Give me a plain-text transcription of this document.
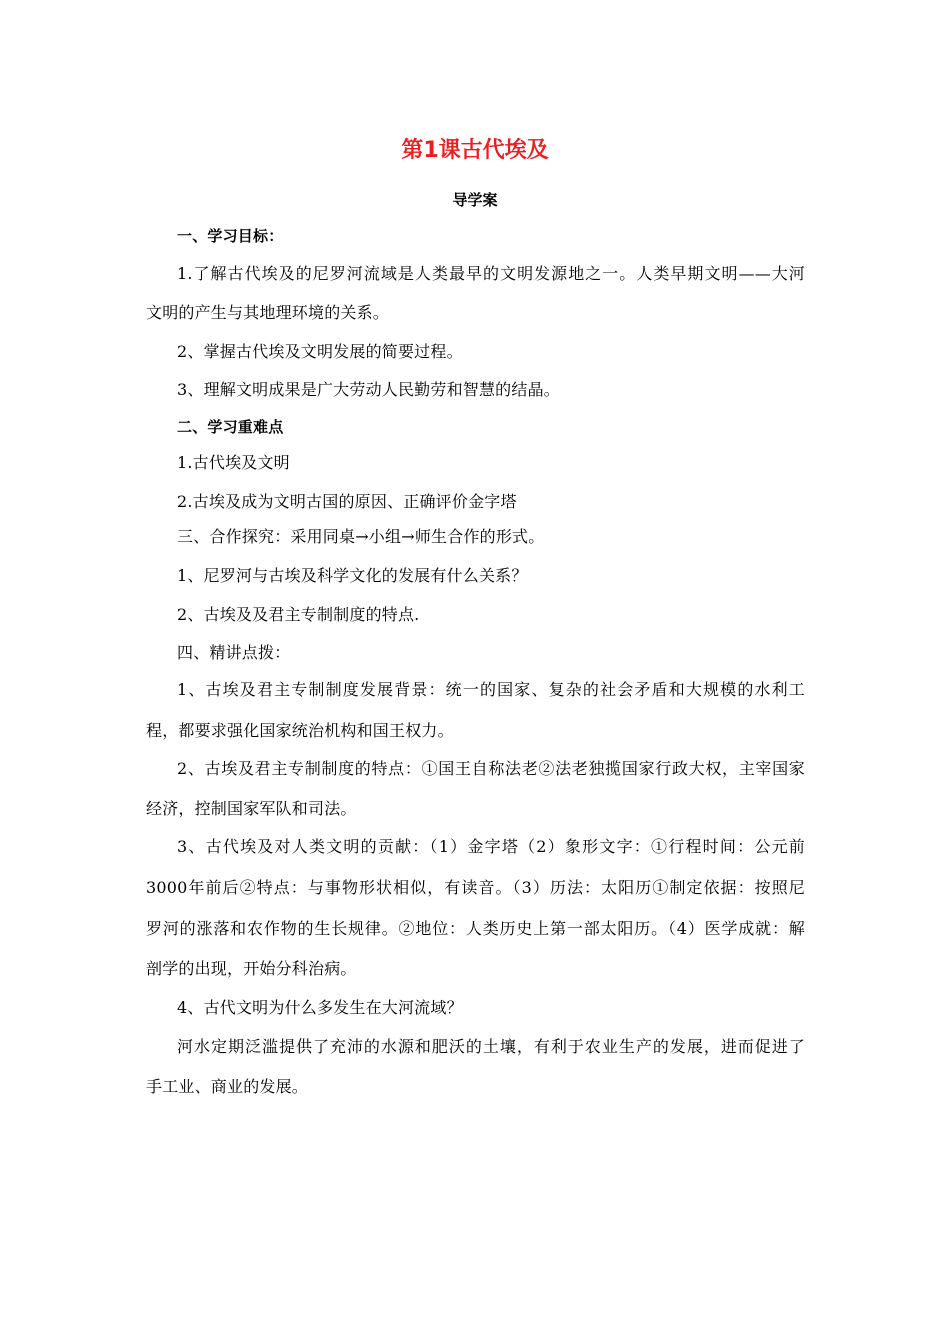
第1课古代埃及
导学案
一、学习目标：
1.了解古代埃及的尼罗河流域是人类最早的文明发源地之一。人类早期文明——大河
文明的产生与其地理环境的关系。
2、掌握古代埃及文明发展的简要过程。
3、理解文明成果是广大劳动人民勤劳和智慧的结晶。
二、学习重难点
1.古代埃及文明
2.古埃及成为文明古国的原因、正确评价金字塔
三、合作探究：采用同桌→小组→师生合作的形式。
1、尼罗河与古埃及科学文化的发展有什么关系？
2、古埃及及君主专制制度的特点.
四、精讲点拨：
1、古埃及君主专制制度发展背景：统一的国家、复杂的社会矛盾和大规模的水利工
程，都要求强化国家统治机构和国王权力。
2、古埃及君主专制制度的特点：①国王自称法老②法老独揽国家行政大权，主宰国家
经济，控制国家军队和司法。
3、古代埃及对人类文明的贡献：（1）金字塔（2）象形文字：①行程时间：公元前
3000年前后②特点：与事物形状相似，有读音。（3）历法：太阳历①制定依据：按照尼
罗河的涨落和农作物的生长规律。②地位：人类历史上第一部太阳历。（4）医学成就：解
剖学的出现，开始分科治病。
4、古代文明为什么多发生在大河流域？
河水定期泛滥提供了充沛的水源和肥沃的土壤，有利于农业生产的发展，进而促进了
手工业、商业的发展。
